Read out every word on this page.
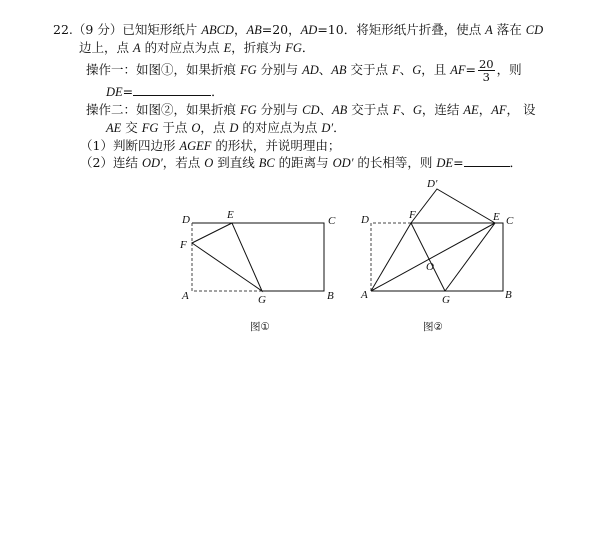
22.（9 分）已知矩形纸片 ABCD，AB=20，AD=10．将矩形纸片折叠，使点 A 落在 CD
边上，点 A 的对应点为点 E，折痕为 FG．
操作一：如图①，如果折痕 FG 分别与 AD、AB 交于点 F、G，且 $AF= \frac{20}{3}$ ，则
DE=	．
操作二：如图②，如果折痕 FG 分别与 CD、AB 交于点 F、G，连结 AE，AF， 设
AE 交 FG 于点 O，点 D 的对应点为点 D′．
（1）判断四边形 AGEF 的形状，并说明理由；
（2）连结 OD′，若点 O 到直线 BC 的距离与 OD′ 的长相等，则 DE=	．
D	E	C
F
A	G	B
图①
D′
D	F	E C
O
A	G	B
图②
